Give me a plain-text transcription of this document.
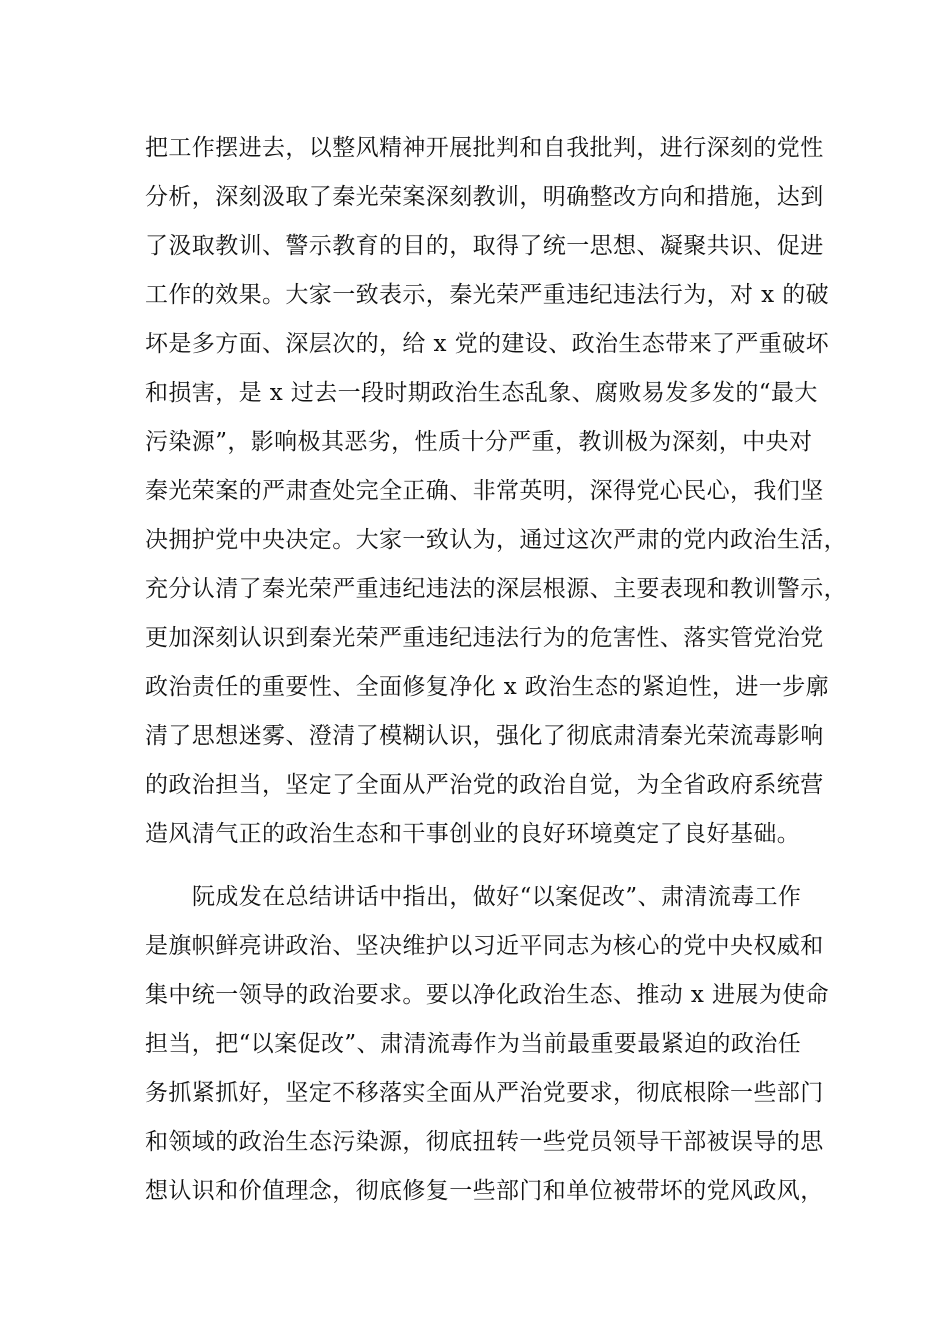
把工作摆进去，以整风精神开展批判和自我批判，进行深刻的党性
分析，深刻汲取了秦光荣案深刻教训，明确整改方向和措施，达到
了汲取教训、警示教育的目的，取得了统一思想、凝聚共识、促进
工作的效果。大家一致表示，秦光荣严重违纪违法行为，对 x 的破
坏是多方面、深层次的，给 x 党的建设、政治生态带来了严重破坏
和损害，是 x 过去一段时期政治生态乱象、腐败易发多发的“最大
污染源”，影响极其恶劣，性质十分严重，教训极为深刻，中央对
秦光荣案的严肃查处完全正确、非常英明，深得党心民心，我们坚
决拥护党中央决定。大家一致认为，通过这次严肃的党内政治生活，
充分认清了秦光荣严重违纪违法的深层根源、主要表现和教训警示，
更加深刻认识到秦光荣严重违纪违法行为的危害性、落实管党治党
政治责任的重要性、全面修复净化 x 政治生态的紧迫性，进一步廓
清了思想迷雾、澄清了模糊认识，强化了彻底肃清秦光荣流毒影响
的政治担当，坚定了全面从严治党的政治自觉，为全省政府系统营
造风清气正的政治生态和干事创业的良好环境奠定了良好基础。
阮成发在总结讲话中指出，做好“以案促改”、肃清流毒工作
是旗帜鲜亮讲政治、坚决维护以习近平同志为核心的党中央权威和
集中统一领导的政治要求。要以净化政治生态、推动 x 进展为使命
担当，把“以案促改”、肃清流毒作为当前最重要最紧迫的政治任
务抓紧抓好，坚定不移落实全面从严治党要求，彻底根除一些部门
和领域的政治生态污染源，彻底扭转一些党员领导干部被误导的思
想认识和价值理念，彻底修复一些部门和单位被带坏的党风政风，
